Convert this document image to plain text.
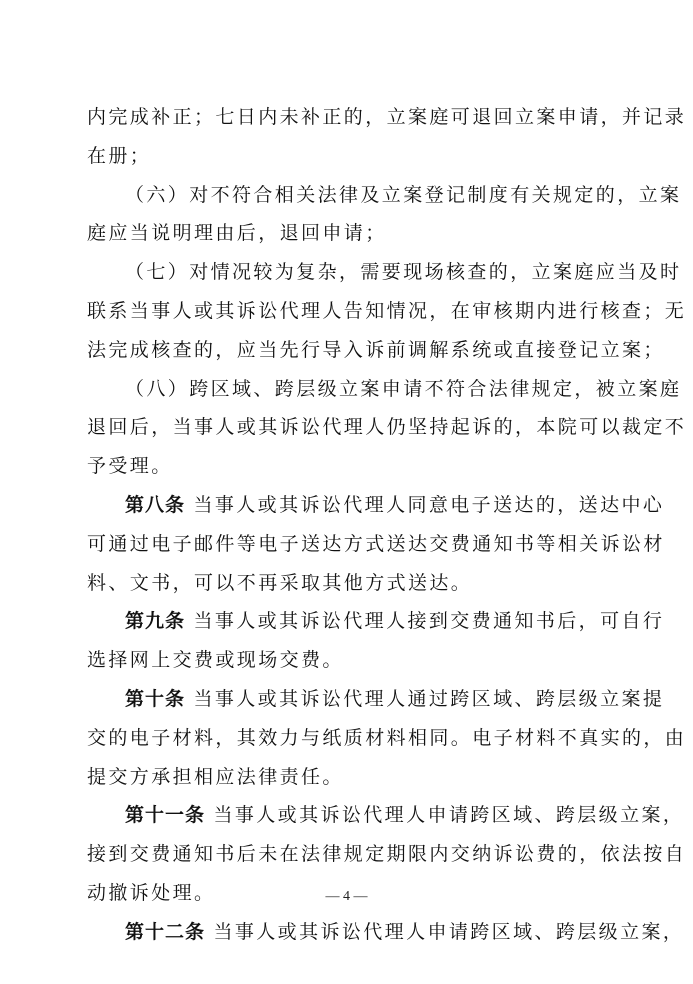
内完成补正；七日内未补正的，立案庭可退回立案申请，并记录
在册；
（六）对不符合相关法律及立案登记制度有关规定的，立案
庭应当说明理由后，退回申请；
（七）对情况较为复杂，需要现场核查的，立案庭应当及时
联系当事人或其诉讼代理人告知情况，在审核期内进行核查；无
法完成核查的，应当先行导入诉前调解系统或直接登记立案；
（八）跨区域、跨层级立案申请不符合法律规定，被立案庭
退回后，当事人或其诉讼代理人仍坚持起诉的，本院可以裁定不
予受理。
第八条 当事人或其诉讼代理人同意电子送达的，送达中心
可通过电子邮件等电子送达方式送达交费通知书等相关诉讼材
料、文书，可以不再采取其他方式送达。
第九条 当事人或其诉讼代理人接到交费通知书后，可自行
选择网上交费或现场交费。
第十条 当事人或其诉讼代理人通过跨区域、跨层级立案提
交的电子材料，其效力与纸质材料相同。电子材料不真实的，由
提交方承担相应法律责任。
第十一条 当事人或其诉讼代理人申请跨区域、跨层级立案，
接到交费通知书后未在法律规定期限内交纳诉讼费的，依法按自
动撤诉处理。
第十二条 当事人或其诉讼代理人申请跨区域、跨层级立案，
— 4 —
